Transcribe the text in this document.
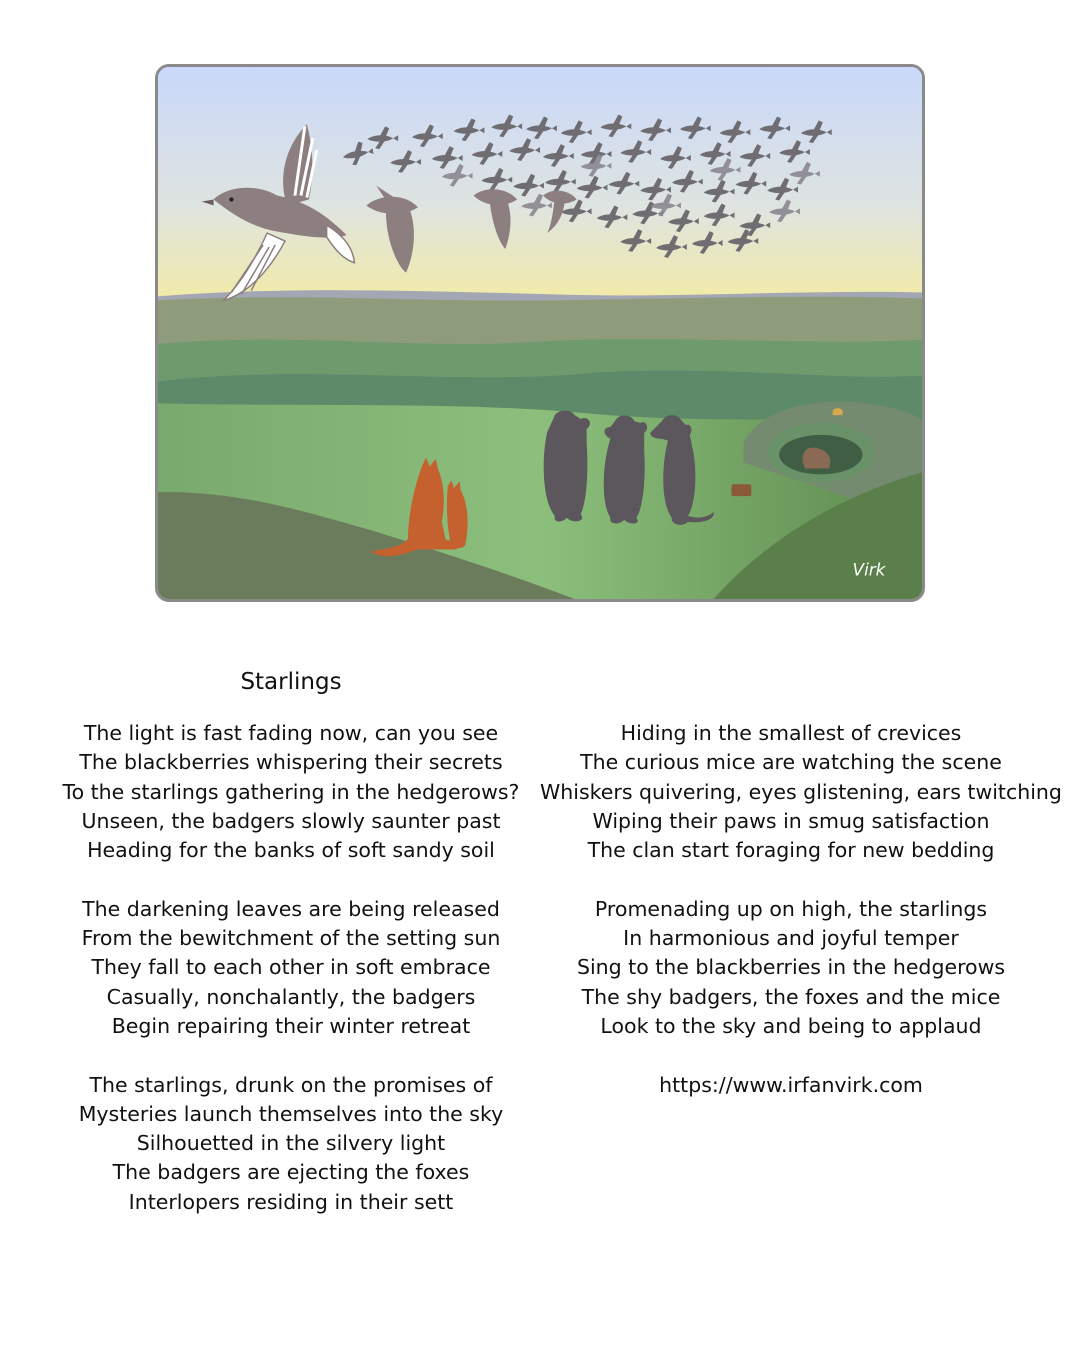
Virk
Starlings
The light is fast fading now, can you see
The blackberries whispering their secrets
To the starlings gathering in the hedgerows?
Unseen, the badgers slowly saunter past
Heading for the banks of soft sandy soil
The darkening leaves are being released
From the bewitchment of the setting sun
They fall to each other in soft embrace
Casually, nonchalantly, the badgers
Begin repairing their winter retreat
The starlings, drunk on the promises of
Mysteries launch themselves into the sky
Silhouetted in the silvery light
The badgers are ejecting the foxes
Interlopers residing in their sett
Hiding in the smallest of crevices
The curious mice are watching the scene
Whiskers quivering, eyes glistening, ears twitching
Wiping their paws in smug satisfaction
The clan start foraging for new bedding
Promenading up on high, the starlings
In harmonious and joyful temper
Sing to the blackberries in the hedgerows
The shy badgers, the foxes and the mice
Look to the sky and being to applaud
https://www.irfanvirk.com
